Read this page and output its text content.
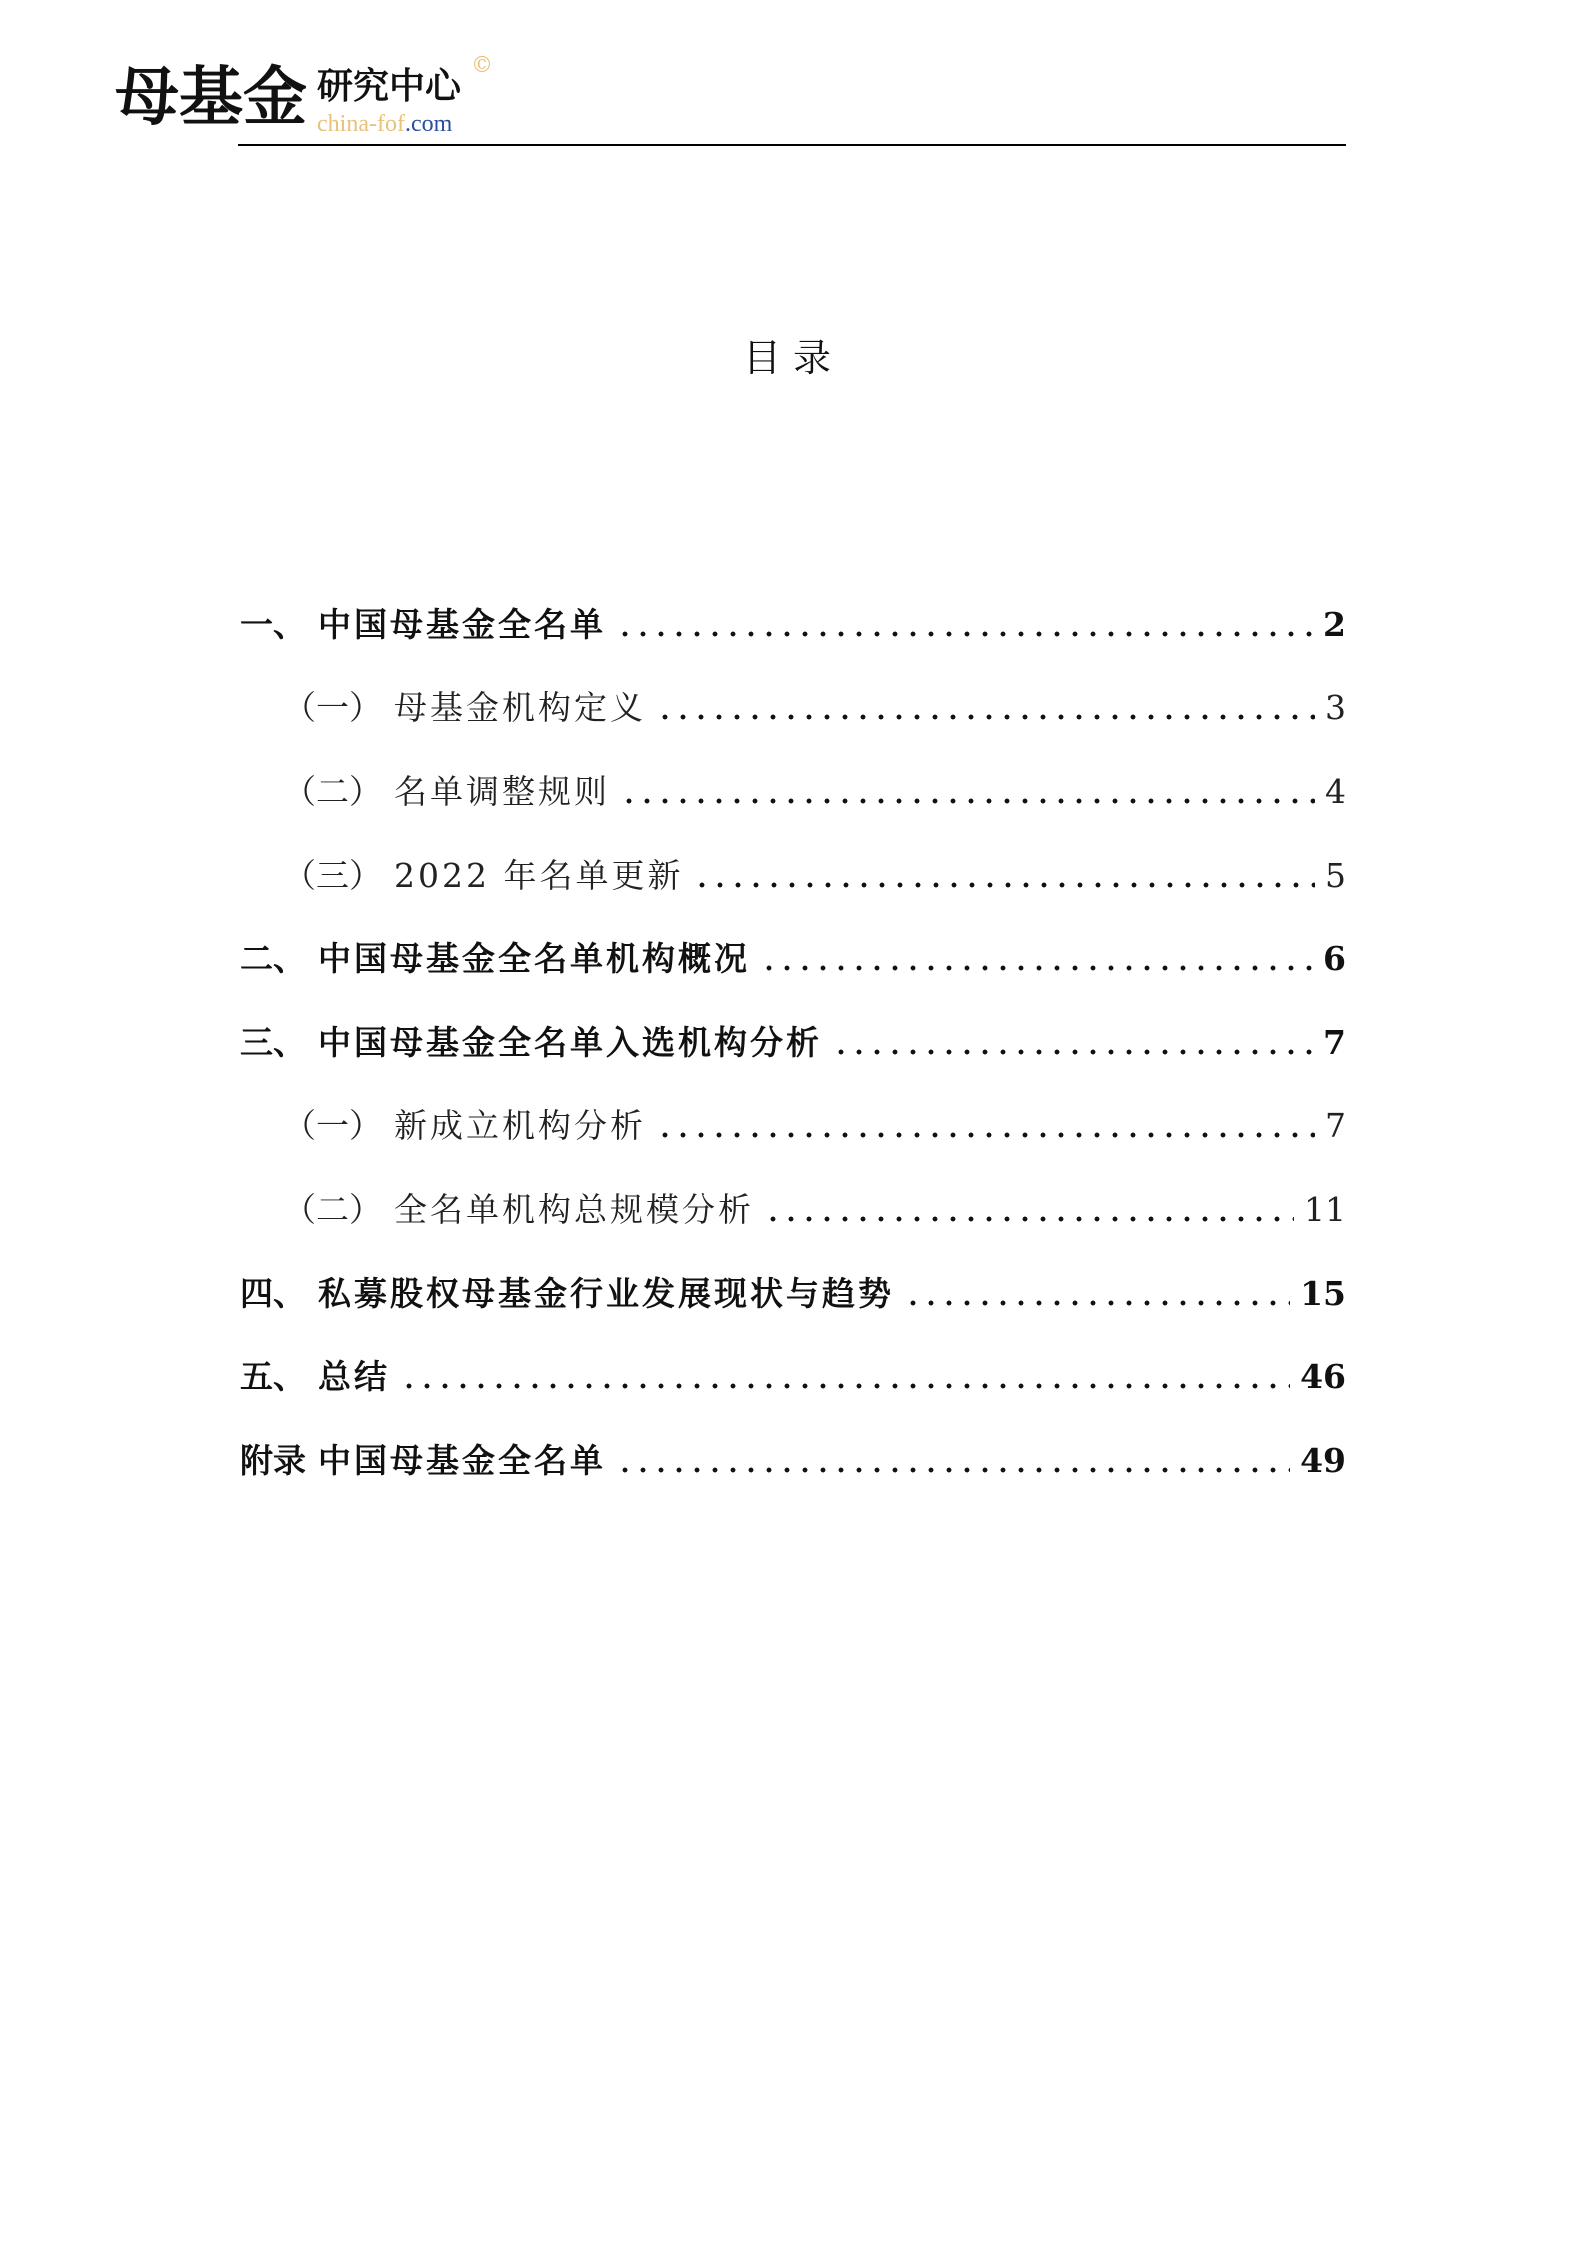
母基金 研究中心 ©
china-fof.com
目录
一、 中国母基金全名单	2
（一） 母基金机构定义	3
（二） 名单调整规则	4
（三） 2022 年名单更新	5
二、 中国母基金全名单机构概况	6
三、 中国母基金全名单入选机构分析	7
（一） 新成立机构分析	7
（二） 全名单机构总规模分析	11
四、 私募股权母基金行业发展现状与趋势	15
五、 总结	46
附录 中国母基金全名单	49
